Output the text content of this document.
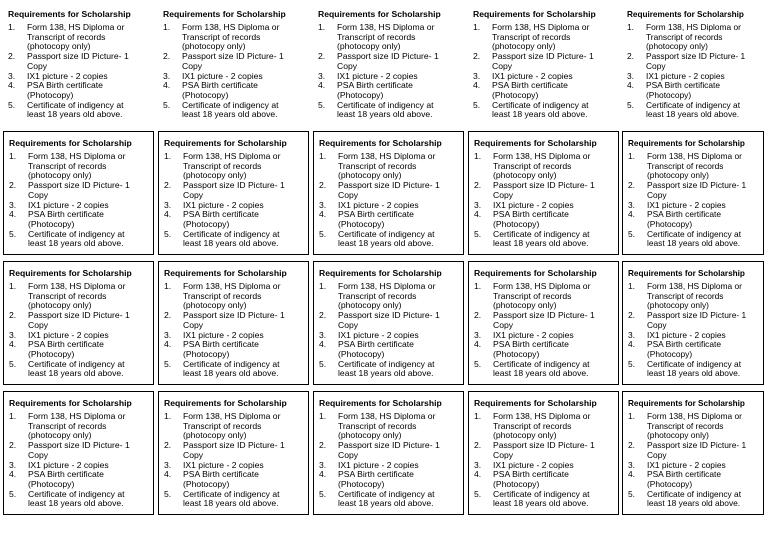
Requirements for Scholarship
1.	Form 138, HS Diploma or
Transcript of records
(photocopy only)
2.	Passport size ID Picture- 1
Copy
3.	IX1 picture - 2 copies
4.	PSA Birth certificate
(Photocopy)
5.	Certificate of indigency at
least 18 years old above.
Requirements for Scholarship
1.	Form 138, HS Diploma or
Transcript of records
(photocopy only)
2.	Passport size ID Picture- 1
Copy
3.	IX1 picture - 2 copies
4.	PSA Birth certificate
(Photocopy)
5.	Certificate of indigency at
least 18 years old above.
Requirements for Scholarship
1.	Form 138, HS Diploma or
Transcript of records
(photocopy only)
2.	Passport size ID Picture- 1
Copy
3.	IX1 picture - 2 copies
4.	PSA Birth certificate
(Photocopy)
5.	Certificate of indigency at
least 18 years old above.
Requirements for Scholarship
1.	Form 138, HS Diploma or
Transcript of records
(photocopy only)
2.	Passport size ID Picture- 1
Copy
3.	IX1 picture - 2 copies
4.	PSA Birth certificate
(Photocopy)
5.	Certificate of indigency at
least 18 years old above.
Requirements for Scholarship
1.	Form 138, HS Diploma or
Transcript of records
(photocopy only)
2.	Passport size ID Picture- 1
Copy
3.	IX1 picture - 2 copies
4.	PSA Birth certificate
(Photocopy)
5.	Certificate of indigency at
least 18 years old above.
Requirements for Scholarship
1.	Form 138, HS Diploma or
Transcript of records
(photocopy only)
2.	Passport size ID Picture- 1
Copy
3.	IX1 picture - 2 copies
4.	PSA Birth certificate
(Photocopy)
5.	Certificate of indigency at
least 18 years old above.
Requirements for Scholarship
1.	Form 138, HS Diploma or
Transcript of records
(photocopy only)
2.	Passport size ID Picture- 1
Copy
3.	IX1 picture - 2 copies
4.	PSA Birth certificate
(Photocopy)
5.	Certificate of indigency at
least 18 years old above.
Requirements for Scholarship
1.	Form 138, HS Diploma or
Transcript of records
(photocopy only)
2.	Passport size ID Picture- 1
Copy
3.	IX1 picture - 2 copies
4.	PSA Birth certificate
(Photocopy)
5.	Certificate of indigency at
least 18 years old above.
Requirements for Scholarship
1.	Form 138, HS Diploma or
Transcript of records
(photocopy only)
2.	Passport size ID Picture- 1
Copy
3.	IX1 picture - 2 copies
4.	PSA Birth certificate
(Photocopy)
5.	Certificate of indigency at
least 18 years old above.
Requirements for Scholarship
1.	Form 138, HS Diploma or
Transcript of records
(photocopy only)
2.	Passport size ID Picture- 1
Copy
3.	IX1 picture - 2 copies
4.	PSA Birth certificate
(Photocopy)
5.	Certificate of indigency at
least 18 years old above.
Requirements for Scholarship
1.	Form 138, HS Diploma or
Transcript of records
(photocopy only)
2.	Passport size ID Picture- 1
Copy
3.	IX1 picture - 2 copies
4.	PSA Birth certificate
(Photocopy)
5.	Certificate of indigency at
least 18 years old above.
Requirements for Scholarship
1.	Form 138, HS Diploma or
Transcript of records
(photocopy only)
2.	Passport size ID Picture- 1
Copy
3.	IX1 picture - 2 copies
4.	PSA Birth certificate
(Photocopy)
5.	Certificate of indigency at
least 18 years old above.
Requirements for Scholarship
1.	Form 138, HS Diploma or
Transcript of records
(photocopy only)
2.	Passport size ID Picture- 1
Copy
3.	IX1 picture - 2 copies
4.	PSA Birth certificate
(Photocopy)
5.	Certificate of indigency at
least 18 years old above.
Requirements for Scholarship
1.	Form 138, HS Diploma or
Transcript of records
(photocopy only)
2.	Passport size ID Picture- 1
Copy
3.	IX1 picture - 2 copies
4.	PSA Birth certificate
(Photocopy)
5.	Certificate of indigency at
least 18 years old above.
Requirements for Scholarship
1.	Form 138, HS Diploma or
Transcript of records
(photocopy only)
2.	Passport size ID Picture- 1
Copy
3.	IX1 picture - 2 copies
4.	PSA Birth certificate
(Photocopy)
5.	Certificate of indigency at
least 18 years old above.
Requirements for Scholarship
1.	Form 138, HS Diploma or
Transcript of records
(photocopy only)
2.	Passport size ID Picture- 1
Copy
3.	IX1 picture - 2 copies
4.	PSA Birth certificate
(Photocopy)
5.	Certificate of indigency at
least 18 years old above.
Requirements for Scholarship
1.	Form 138, HS Diploma or
Transcript of records
(photocopy only)
2.	Passport size ID Picture- 1
Copy
3.	IX1 picture - 2 copies
4.	PSA Birth certificate
(Photocopy)
5.	Certificate of indigency at
least 18 years old above.
Requirements for Scholarship
1.	Form 138, HS Diploma or
Transcript of records
(photocopy only)
2.	Passport size ID Picture- 1
Copy
3.	IX1 picture - 2 copies
4.	PSA Birth certificate
(Photocopy)
5.	Certificate of indigency at
least 18 years old above.
Requirements for Scholarship
1.	Form 138, HS Diploma or
Transcript of records
(photocopy only)
2.	Passport size ID Picture- 1
Copy
3.	IX1 picture - 2 copies
4.	PSA Birth certificate
(Photocopy)
5.	Certificate of indigency at
least 18 years old above.
Requirements for Scholarship
1.	Form 138, HS Diploma or
Transcript of records
(photocopy only)
2.	Passport size ID Picture- 1
Copy
3.	IX1 picture - 2 copies
4.	PSA Birth certificate
(Photocopy)
5.	Certificate of indigency at
least 18 years old above.
